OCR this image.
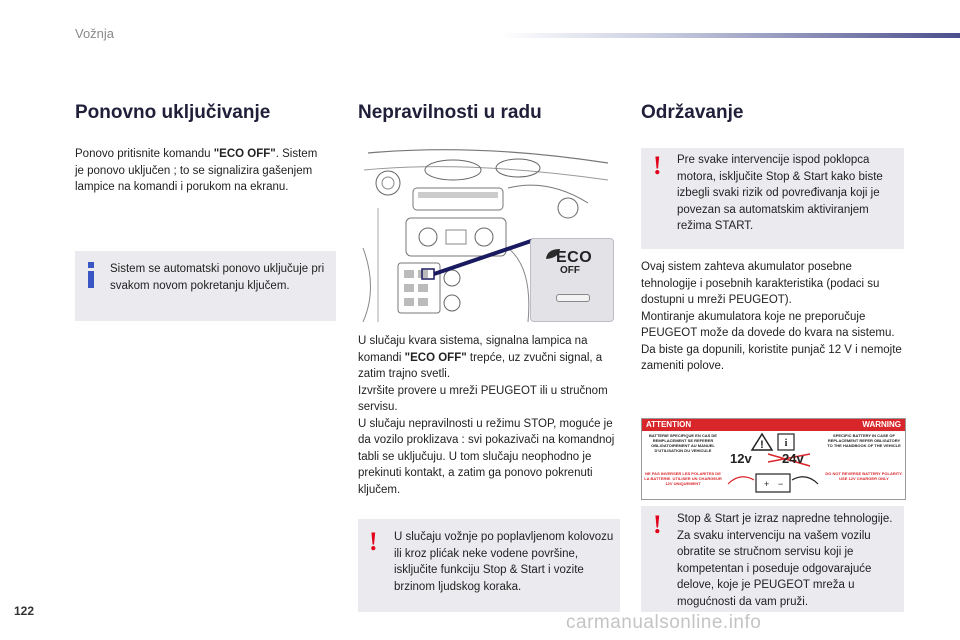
Vožnja
Ponovno uključivanje
Ponovo pritisnite komandu "ECO OFF". Sistem je ponovo uključen ; to se signalizira gašenjem lampice na komandi i porukom na ekranu.
Sistem se automatski ponovo uključuje pri svakom novom pokretanju ključem.
Nepravilnosti u radu
ECO
OFF
U slučaju kvara sistema, signalna lampica na komandi "ECO OFF" trepće, uz zvučni signal, a zatim trajno svetli.
Izvršite provere u mreži PEUGEOT ili u stručnom servisu.
U slučaju nepravilnosti u režimu STOP, moguće je da vozilo proklizava : svi pokazivači na komandnoj tabli se uključuju. U tom slučaju neophodno je prekinuti kontakt, a zatim ga ponovo pokrenuti ključem.
! U slučaju vožnje po poplavljenom kolovozu ili kroz plićak neke vodene površine, isključite funkciju Stop & Start i vozite brzinom ljudskog koraka.
Održavanje
! Pre svake intervencije ispod poklopca motora, isključite Stop & Start kako biste izbegli svaki rizik od povređivanja koji je povezan sa automatskim aktiviranjem režima START.
Ovaj sistem zahteva akumulator posebne tehnologije i posebnih karakteristika (podaci su dostupni u mreži PEUGEOT).
Montiranje akumulatora koje ne preporučuje PEUGEOT može da dovede do kvara na sistemu.
Da biste ga dopunili, koristite punjač 12 V i nemojte zameniti polove.
ATTENTION	WARNING
BATTERIE SPECIFIQUE EN CAS DE REMPLACEMENT SE REFERER OBLIGATOIREMENT AU MANUEL D'UTILISATION DU VEHICULE
SPECIFIC BATTERY IN CASE OF REPLACEMENT REFER OBLIGATORY TO THE HANDBOOK OF THE VEHICLE
NE PAS INVERSER LES POLARITES DE LA BATTERIE. UTILISER UN CHARGEUR 12V UNIQUEMENT
DO NOT REVERSE BATTERY POLARITY. USE 12V CHARGER ONLY
! i
+ −
12v 24v
! Stop & Start je izraz napredne tehnologije. Za svaku intervenciju na vašem vozilu obratite se stručnom servisu koji je kompetentan i poseduje odgovarajuće delove, koje je PEUGEOT mreža u mogućnosti da vam pruži.
122
carmanualsonline.info
